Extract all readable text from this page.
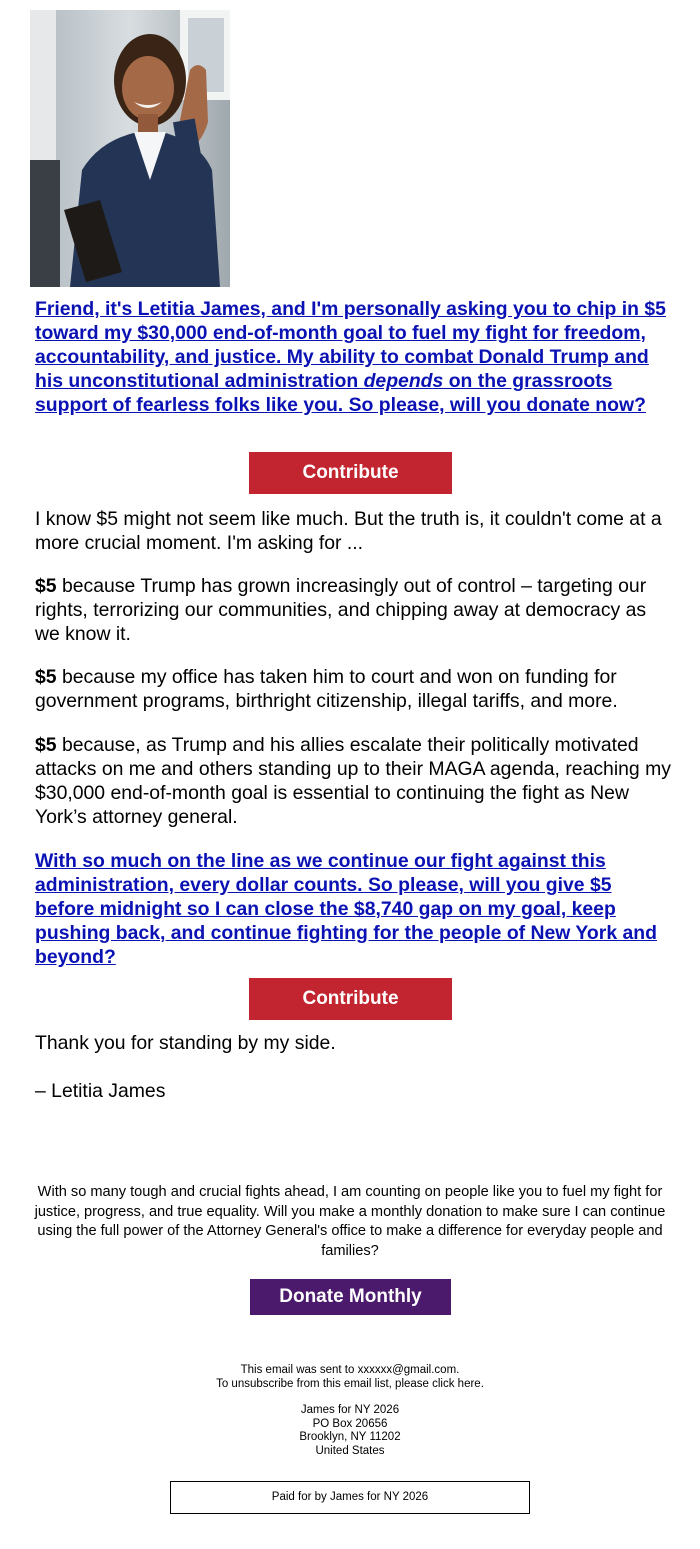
Friend, it's Letitia James, and I'm personally asking you to chip in $5 toward my $30,000 end-of-month goal to fuel my fight for freedom, accountability, and justice. My ability to combat Donald Trump and his unconstitutional administration depends on the grassroots support of fearless folks like you. So please, will you donate now?

Contribute

I know $5 might not seem like much. But the truth is, it couldn't come at a more crucial moment. I'm asking for ...

$5 because Trump has grown increasingly out of control – targeting our rights, terrorizing our communities, and chipping away at democracy as we know it.

$5 because my office has taken him to court and won on funding for government programs, birthright citizenship, illegal tariffs, and more.

$5 because, as Trump and his allies escalate their politically motivated attacks on me and others standing up to their MAGA agenda, reaching my $30,000 end-of-month goal is essential to continuing the fight as New York’s attorney general.

With so much on the line as we continue our fight against this administration, every dollar counts. So please, will you give $5 before midnight so I can close the $8,740 gap on my goal, keep pushing back, and continue fighting for the people of New York and beyond?

Contribute

Thank you for standing by my side.

– Letitia James

With so many tough and crucial fights ahead, I am counting on people like you to fuel my fight for justice, progress, and true equality. Will you make a monthly donation to make sure I can continue using the full power of the Attorney General's office to make a difference for everyday people and families?

Donate Monthly
This email was sent to xxxxxx@gmail.com.
To unsubscribe from this email list, please click here.
James for NY 2026
PO Box 20656
Brooklyn, NY 11202
United States
Paid for by James for NY 2026
